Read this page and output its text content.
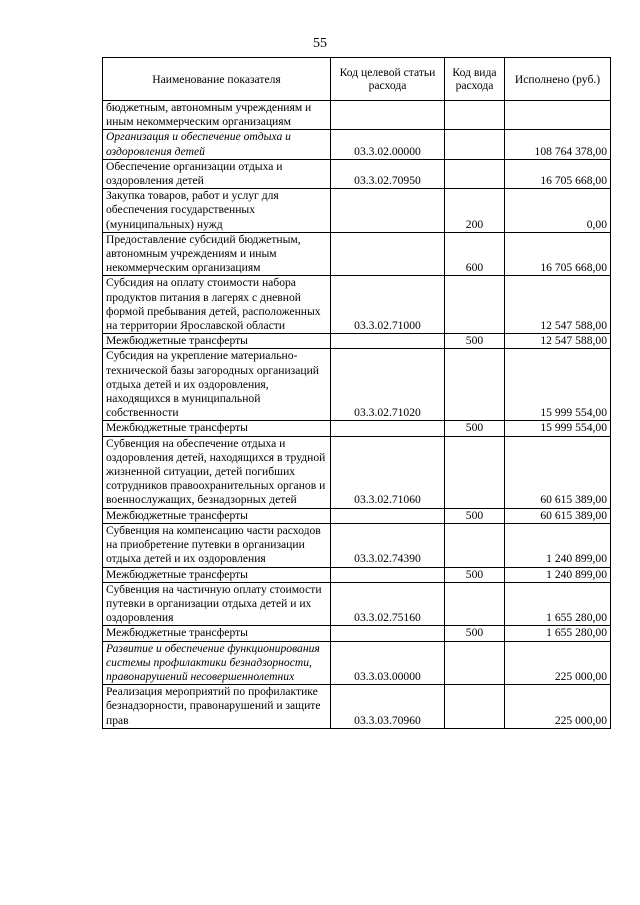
55
Наименование показателя	Код целевой статьи расхода	Код вида расхода	Исполнено (руб.)
бюджетным, автономным учреждениям и иным некоммерческим организациям			
Организация и обеспечение отдыха и оздоровления детей	03.3.02.00000		108 764 378,00
Обеспечение организации отдыха и оздоровления детей	03.3.02.70950		16 705 668,00
Закупка товаров, работ и услуг для обеспечения государственных (муниципальных) нужд		200	0,00
Предоставление субсидий бюджетным, автономным учреждениям и иным некоммерческим организациям		600	16 705 668,00
Субсидия на оплату стоимости набора продуктов питания в лагерях с дневной формой пребывания детей, расположенных на территории Ярославской области	03.3.02.71000		12 547 588,00
Межбюджетные трансферты		500	12 547 588,00
Субсидия на укрепление материально-технической базы загородных организаций отдыха детей и их оздоровления, находящихся в муниципальной собственности	03.3.02.71020		15 999 554,00
Межбюджетные трансферты		500	15 999 554,00
Субвенция на обеспечение отдыха и оздоровления детей, находящихся в трудной жизненной ситуации, детей погибших сотрудников правоохранительных органов и военнослужащих, безнадзорных детей	03.3.02.71060		60 615 389,00
Межбюджетные трансферты		500	60 615 389,00
Субвенция на компенсацию части расходов на приобретение путевки в организации отдыха детей и их оздоровления	03.3.02.74390		1 240 899,00
Межбюджетные трансферты		500	1 240 899,00
Субвенция на частичную оплату стоимости путевки в организации отдыха детей и их оздоровления	03.3.02.75160		1 655 280,00
Межбюджетные трансферты		500	1 655 280,00
Развитие и обеспечение функционирования системы профилактики безнадзорности, правонарушений несовершеннолетних	03.3.03.00000		225 000,00
Реализация мероприятий по профилактике безнадзорности, правонарушений и защите прав	03.3.03.70960		225 000,00
